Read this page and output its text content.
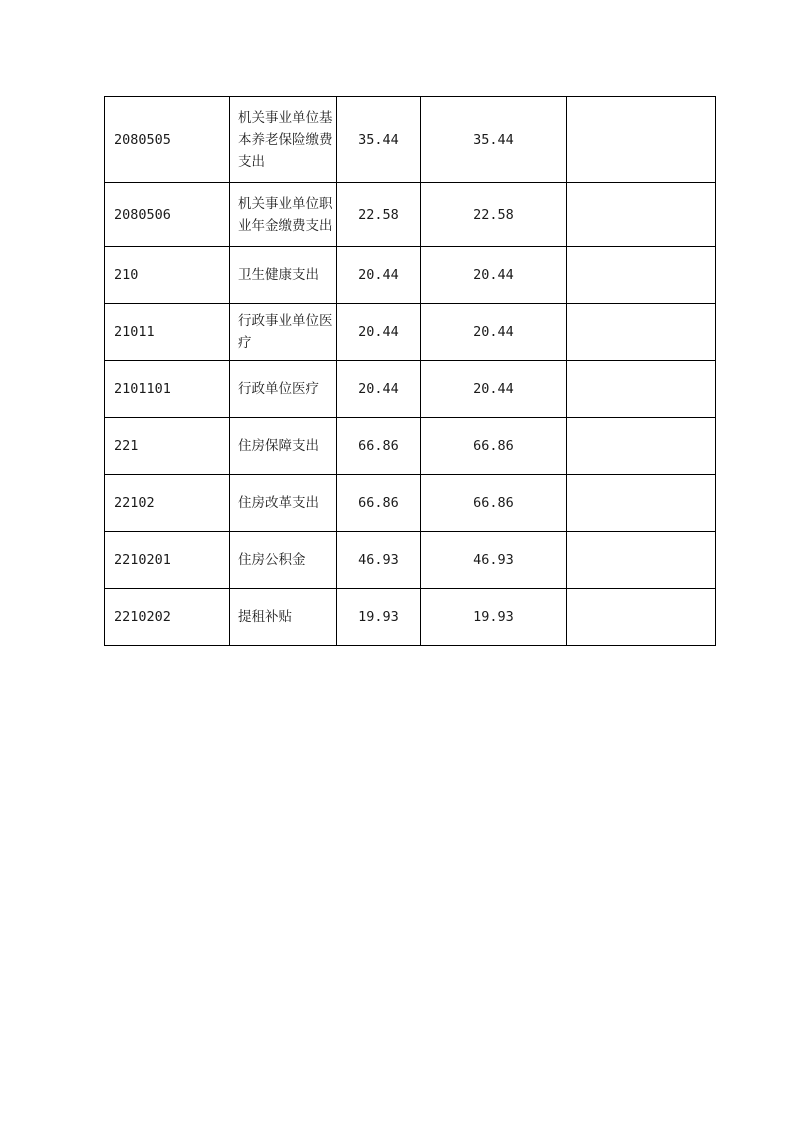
2080505	机关事业单位基本养老保险缴费支出	35.44	35.44	
2080506	机关事业单位职业年金缴费支出	22.58	22.58	
210	卫生健康支出	20.44	20.44	
21011	行政事业单位医疗	20.44	20.44	
2101101	行政单位医疗	20.44	20.44	
221	住房保障支出	66.86	66.86	
22102	住房改革支出	66.86	66.86	
2210201	住房公积金	46.93	46.93	
2210202	提租补贴	19.93	19.93	
